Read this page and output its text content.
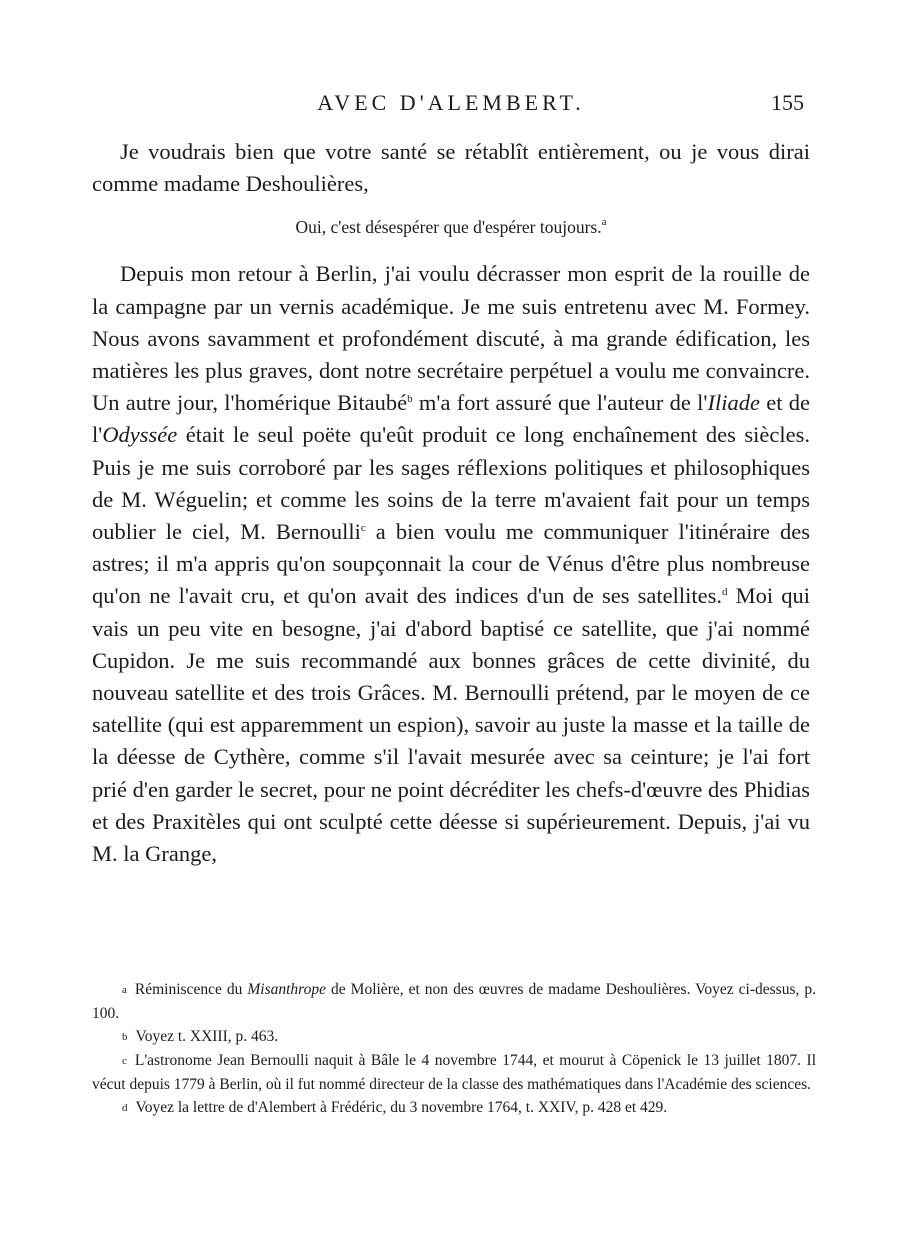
AVEC D'ALEMBERT.	155

Je voudrais bien que votre santé se rétablît entièrement, ou je vous dirai comme madame Deshoulières,

Oui, c'est désespérer que d'espérer toujours.$^a$

Depuis mon retour à Berlin, j'ai voulu décrasser mon esprit de la rouille de la campagne par un vernis académique. Je me suis entretenu avec M. Formey. Nous avons savamment et profondément discuté, à ma grande édification, les matières les plus graves, dont notre secrétaire perpétuel a voulu me convaincre. Un autre jour, l'homérique Bitaubé$^b$ m'a fort assuré que l'auteur de l'Iliade et de l'Odyssée était le seul poëte qu'eût produit ce long enchaînement des siècles. Puis je me suis corroboré par les sages réflexions politiques et philosophiques de M. Wéguelin; et comme les soins de la terre m'avaient fait pour un temps oublier le ciel, M. Bernoulli$^c$ a bien voulu me communiquer l'itinéraire des astres; il m'a appris qu'on soupçonnait la cour de Vénus d'être plus nombreuse qu'on ne l'avait cru, et qu'on avait des indices d'un de ses satellites.$^d$ Moi qui vais un peu vite en besogne, j'ai d'abord baptisé ce satellite, que j'ai nommé Cupidon. Je me suis recommandé aux bonnes grâces de cette divinité, du nouveau satellite et des trois Grâces. M. Bernoulli prétend, par le moyen de ce satellite (qui est apparemment un espion), savoir au juste la masse et la taille de la déesse de Cythère, comme s'il l'avait mesurée avec sa ceinture; je l'ai fort prié d'en garder le secret, pour ne point décréditer les chefs-d'œuvre des Phidias et des Praxitèles qui ont sculpté cette déesse si supérieurement. Depuis, j'ai vu M. la Grange,

a Réminiscence du Misanthrope de Molière, et non des œuvres de madame Deshoulières. Voyez ci-dessus, p. 100.

b Voyez t. XXIII, p. 463.

c L'astronome Jean Bernoulli naquit à Bâle le 4 novembre 1744, et mourut à Cöpenick le 13 juillet 1807. Il vécut depuis 1779 à Berlin, où il fut nommé directeur de la classe des mathématiques dans l'Académie des sciences.

d Voyez la lettre de d'Alembert à Frédéric, du 3 novembre 1764, t. XXIV, p. 428 et 429.
